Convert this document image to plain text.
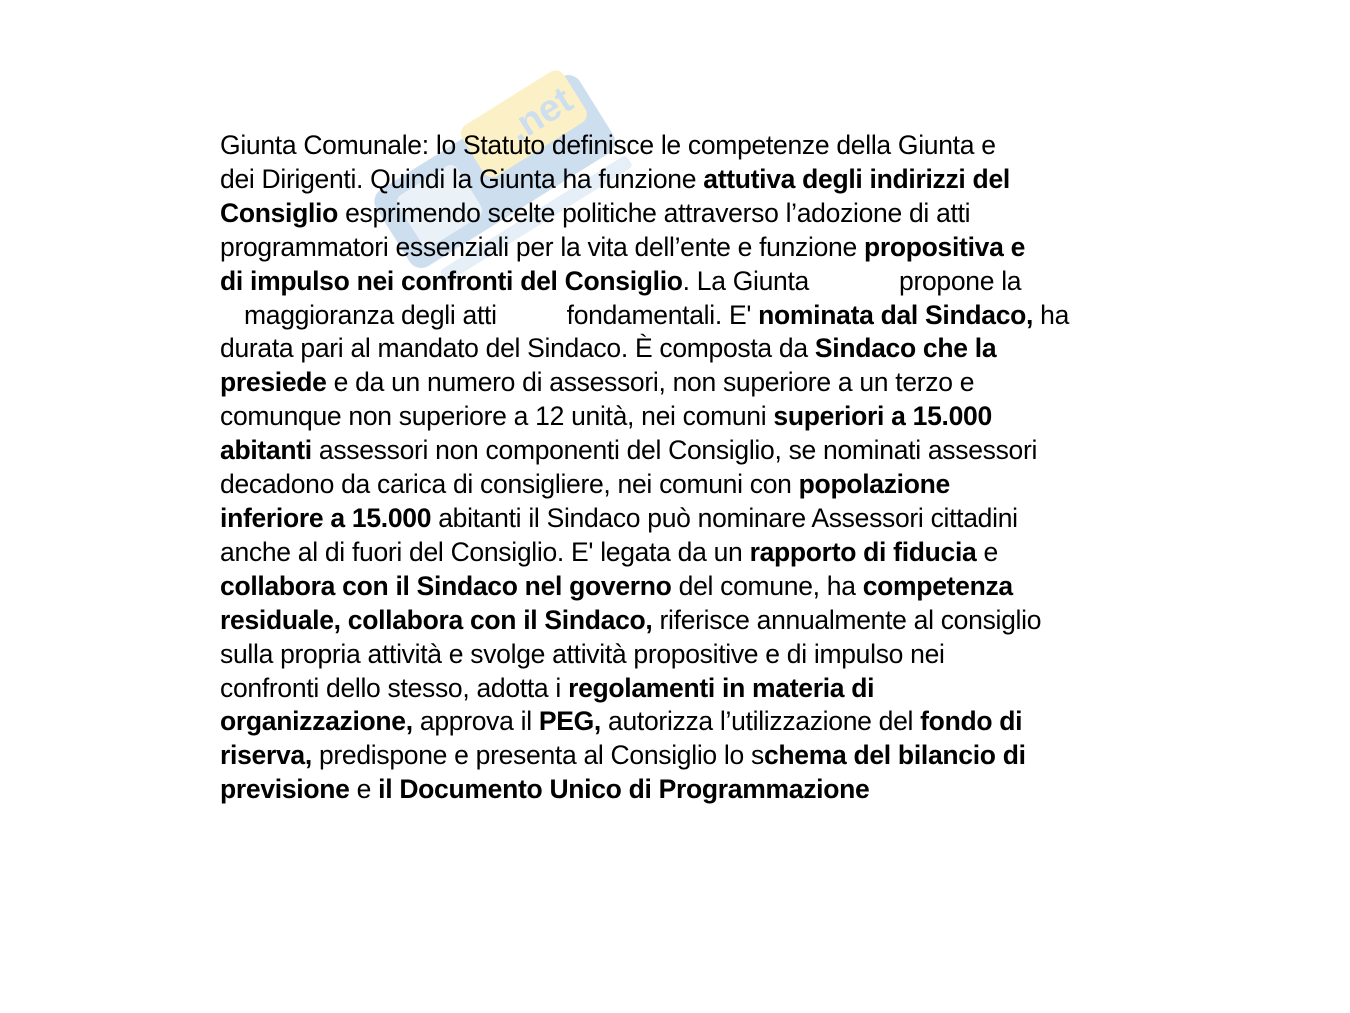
.net
Giunta Comunale: lo Statuto definisce le competenze della Giunta e
dei Dirigenti. Quindi la Giunta ha funzione attutiva degli indirizzi del
Consiglio esprimendo scelte politiche attraverso l’adozione di atti
programmatori essenziali per la vita dell’ente e funzione propositiva e
di impulso nei confronti del Consiglio. La Giunta	propone la
maggioranza degli atti	fondamentali. E' nominata dal Sindaco, ha
durata pari al mandato del Sindaco. È composta da Sindaco che la
presiede e da un numero di assessori, non superiore a un terzo e
comunque non superiore a 12 unità, nei comuni superiori a 15.000
abitanti assessori non componenti del Consiglio, se nominati assessori
decadono da carica di consigliere, nei comuni con popolazione
inferiore a 15.000 abitanti il Sindaco può nominare Assessori cittadini
anche al di fuori del Consiglio. E' legata da un rapporto di fiducia e
collabora con il Sindaco nel governo del comune, ha competenza
residuale, collabora con il Sindaco, riferisce annualmente al consiglio
sulla propria attività e svolge attività propositive e di impulso nei
confronti dello stesso, adotta i regolamenti in materia di
organizzazione, approva il PEG, autorizza l’utilizzazione del fondo di
riserva, predispone e presenta al Consiglio lo schema del bilancio di
previsione e il Documento Unico di Programmazione
